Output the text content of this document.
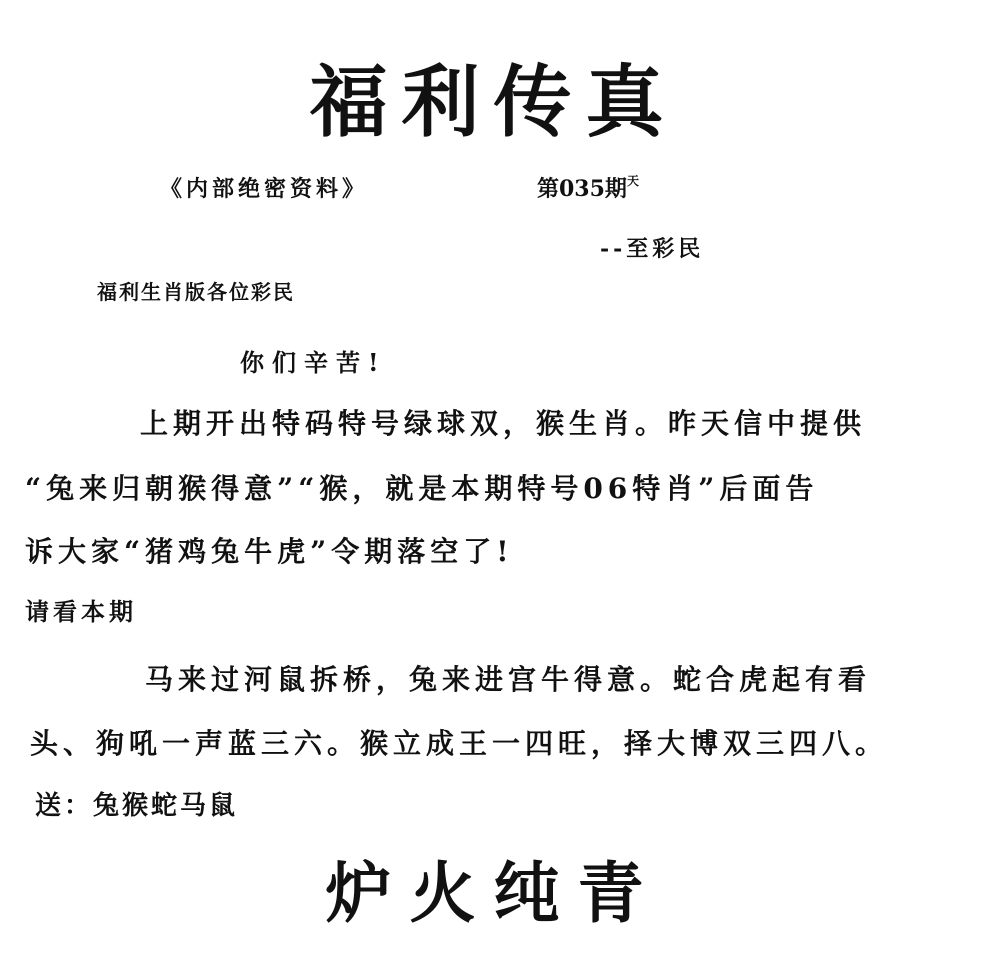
福利传真
《内部绝密资料》	第035期$^天$
--至彩民
福利生肖版各位彩民
你们辛苦!
上期开出特码特号绿球双，猴生肖。昨天信中提供
“兔来归朝猴得意”“猴，就是本期特号06特肖”后面告
诉大家“猪鸡兔牛虎”令期落空了!
请看本期
马来过河鼠拆桥，兔来进宫牛得意。蛇合虎起有看
头、狗吼一声蓝三六。猴立成王一四旺，择大博双三四八。
送：兔猴蛇马鼠
炉火纯青
